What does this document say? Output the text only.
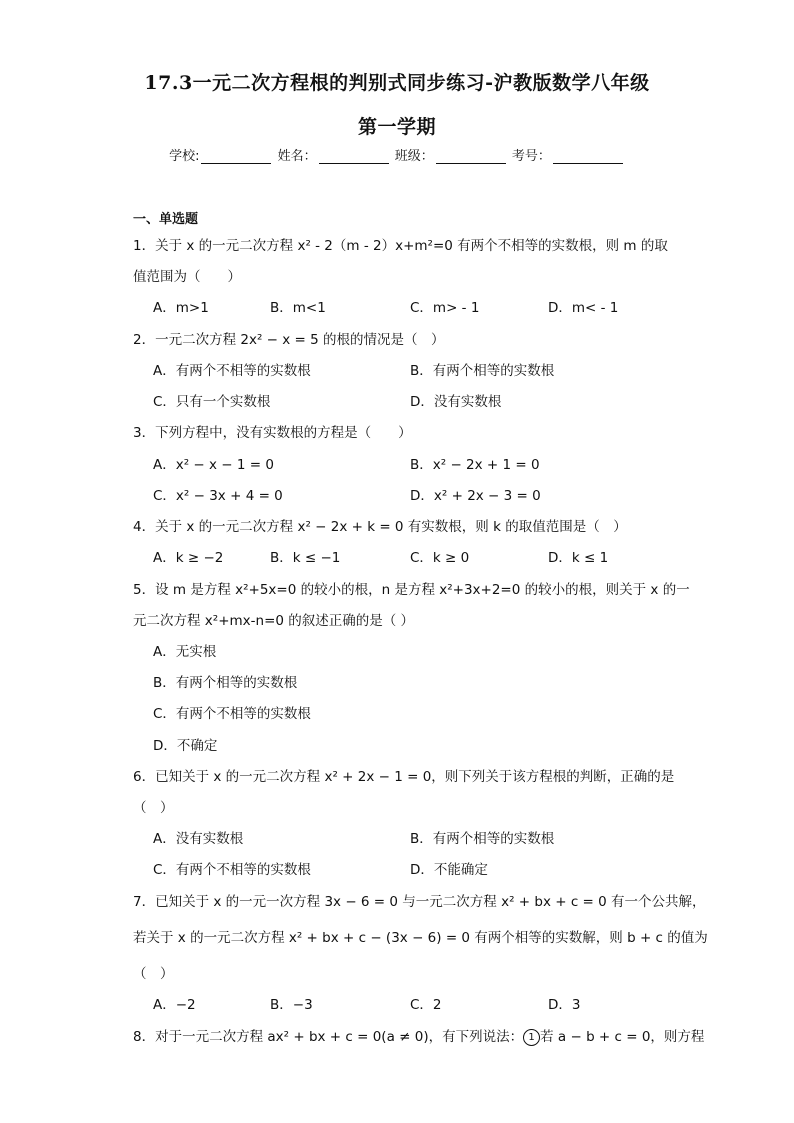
17.3一元二次方程根的判别式同步练习-沪教版数学八年级
第一学期
学校:	姓名：	班级：	考号：
一、单选题
1．关于 x 的一元二次方程 x² - 2（m - 2）x+m²=0 有两个不相等的实数根，则 m 的取
值范围为（　　）
A．m>1	B．m<1	C．m> - 1	D．m< - 1
2．一元二次方程 2x² − x = 5 的根的情况是（　）
A．有两个不相等的实数根	B．有两个相等的实数根
C．只有一个实数根	D．没有实数根
3．下列方程中，没有实数根的方程是（　　）
A．x² − x − 1 = 0	B．x² − 2x + 1 = 0
C．x² − 3x + 4 = 0	D．x² + 2x − 3 = 0
4．关于 x 的一元二次方程 x² − 2x + k = 0 有实数根，则 k 的取值范围是（　）
A．k ≥ −2	B．k ≤ −1	C．k ≥ 0	D．k ≤ 1
5．设 m 是方程 x²+5x=0 的较小的根，n 是方程 x²+3x+2=0 的较小的根，则关于 x 的一
元二次方程 x²+mx-n=0 的叙述正确的是（ ）
A．无实根
B．有两个相等的实数根
C．有两个不相等的实数根
D．不确定
6．已知关于 x 的一元二次方程 x² + 2x − 1 = 0，则下列关于该方程根的判断，正确的是
（　）
A．没有实数根	B．有两个相等的实数根
C．有两个不相等的实数根	D．不能确定
7．已知关于 x 的一元一次方程 3x − 6 = 0 与一元二次方程 x² + bx + c = 0 有一个公共解，
若关于 x 的一元二次方程 x² + bx + c − (3x − 6) = 0 有两个相等的实数解，则 b + c 的值为
（　）
A．−2	B．−3	C．2	D．3
8．对于一元二次方程 ax² + bx + c = 0(a ≠ 0)，有下列说法： 1 若 a − b + c = 0，则方程
